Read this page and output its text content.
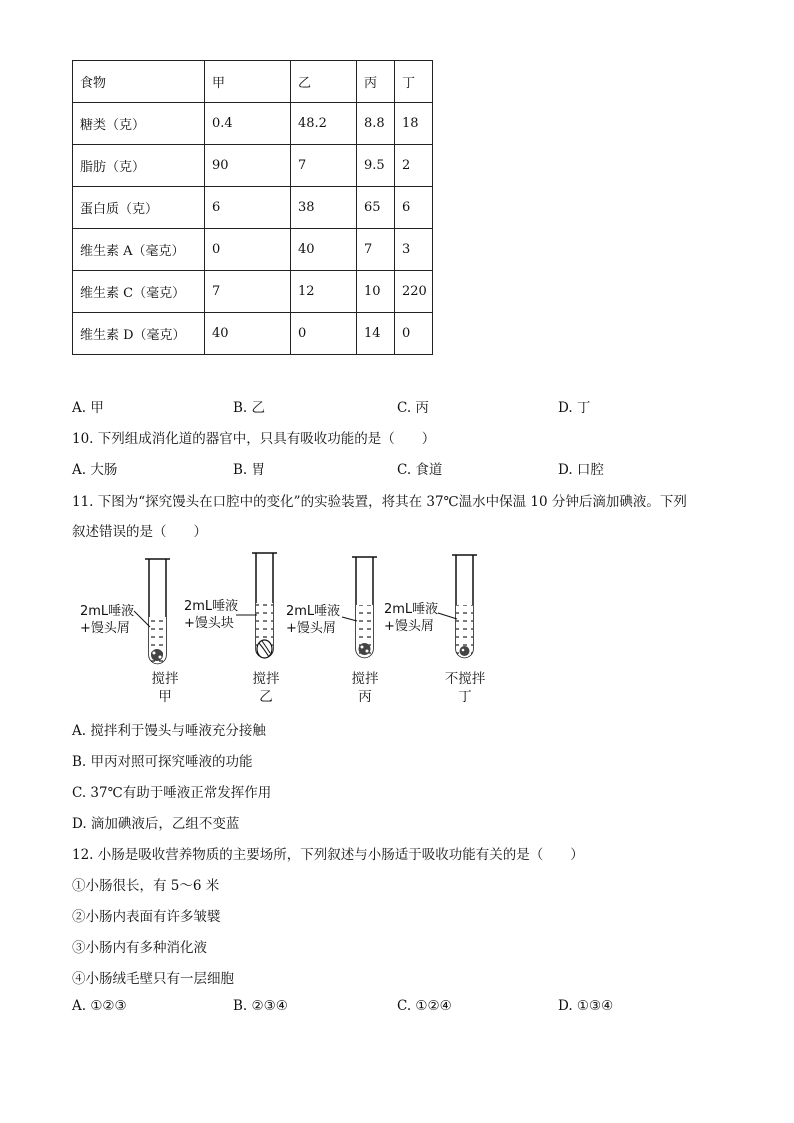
食物	甲	乙	丙	丁
糖类（克）	0.4	48.2	8.8	18
脂肪（克）	90	7	9.5	2
蛋白质（克）	6	38	65	6
维生素 A（毫克）	0	40	7	3
维生素 C（毫克）	7	12	10	220
维生素 D（毫克）	40	0	14	0
A. 甲	B. 乙	C. 丙	D. 丁
10. 下列组成消化道的器官中，只具有吸收功能的是（　　）
A. 大肠	B. 胃	C. 食道	D. 口腔
11. 下图为“探究馒头在口腔中的变化”的实验装置，将其在 37℃温水中保温 10 分钟后滴加碘液。下列
叙述错误的是（　　）
2mL唾液
+馒头屑
2mL唾液
+馒头块
2mL唾液
+馒头屑
2mL唾液
+馒头屑
搅拌
甲
搅拌
乙
搅拌
丙
不搅拌
丁
A. 搅拌利于馒头与唾液充分接触
B. 甲丙对照可探究唾液的功能
C. 37℃有助于唾液正常发挥作用
D. 滴加碘液后，乙组不变蓝
12. 小肠是吸收营养物质的主要场所，下列叙述与小肠适于吸收功能有关的是（　　）
①小肠很长，有 5～6 米
②小肠内表面有许多皱襞
③小肠内有多种消化液
④小肠绒毛壁只有一层细胞
A. ①②③	B. ②③④	C. ①②④	D. ①③④
